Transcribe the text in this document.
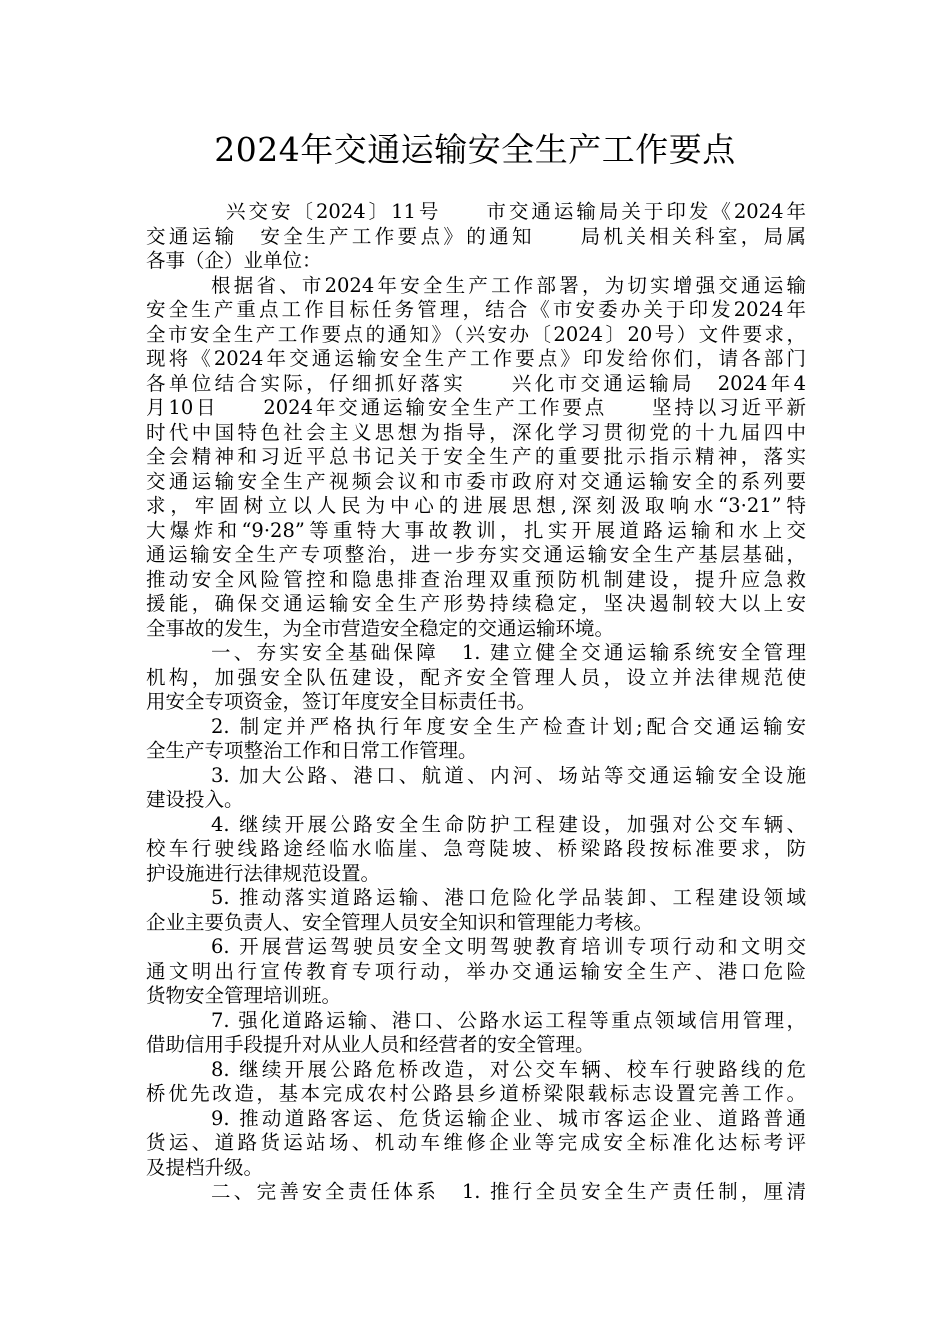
2024年交通运输安全生产工作要点
兴交安〔2024〕11号　　市交通运输局关于印发《2024年
交通运输　安全生产工作要点》的通知　　局机关相关科室，局属
各事（企）业单位：
根据省、市2024年安全生产工作部署，为切实增强交通运输
安全生产重点工作目标任务管理，结合《市安委办关于印发2024年
全市安全生产工作要点的通知》（兴安办〔2024〕20号）文件要求，
现将《2024年交通运输安全生产工作要点》印发给你们，请各部门
各单位结合实际，仔细抓好落实　　兴化市交通运输局　2024年4
月10日　　2024年交通运输安全生产工作要点　　坚持以习近平新
时代中国特色社会主义思想为指导，深化学习贯彻党的十九届四中
全会精神和习近平总书记关于安全生产的重要批示指示精神，落实
交通运输安全生产视频会议和市委市政府对交通运输安全的系列要
求，牢固树立以人民为中心的进展思想,深刻汲取响水“3·21”特
大爆炸和“9·28”等重特大事故教训，扎实开展道路运输和水上交
通运输安全生产专项整治，进一步夯实交通运输安全生产基层基础，
推动安全风险管控和隐患排查治理双重预防机制建设，提升应急救
援能，确保交通运输安全生产形势持续稳定，坚决遏制较大以上安
全事故的发生，为全市营造安全稳定的交通运输环境。
一、夯实安全基础保障　1. 建立健全交通运输系统安全管理
机构，加强安全队伍建设，配齐安全管理人员，设立并法律规范使
用安全专项资金，签订年度安全目标责任书。
2. 制定并严格执行年度安全生产检查计划;配合交通运输安
全生产专项整治工作和日常工作管理。
3. 加大公路、港口、航道、内河、场站等交通运输安全设施
建设投入。
4. 继续开展公路安全生命防护工程建设，加强对公交车辆、
校车行驶线路途经临水临崖、急弯陡坡、桥梁路段按标准要求，防
护设施进行法律规范设置。
5. 推动落实道路运输、港口危险化学品装卸、工程建设领域
企业主要负责人、安全管理人员安全知识和管理能力考核。
6. 开展营运驾驶员安全文明驾驶教育培训专项行动和文明交
通文明出行宣传教育专项行动，举办交通运输安全生产、港口危险
货物安全管理培训班。
7. 强化道路运输、港口、公路水运工程等重点领域信用管理，
借助信用手段提升对从业人员和经营者的安全管理。
8. 继续开展公路危桥改造，对公交车辆、校车行驶路线的危
桥优先改造，基本完成农村公路县乡道桥梁限载标志设置完善工作。
9. 推动道路客运、危货运输企业、城市客运企业、道路普通
货运、道路货运站场、机动车维修企业等完成安全标准化达标考评
及提档升级。
二、完善安全责任体系　1. 推行全员安全生产责任制，厘清
